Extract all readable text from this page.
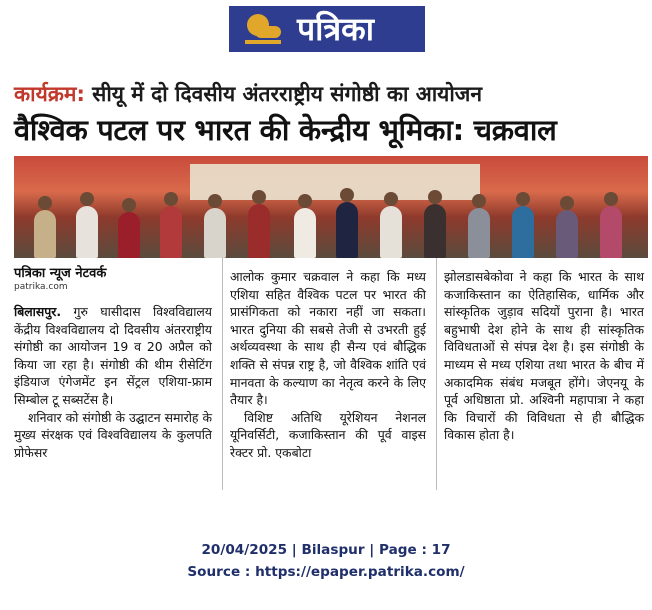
पत्रिका
कार्यक्रम: सीयू में दो दिवसीय अंतरराष्ट्रीय संगोष्ठी का आयोजन
वैश्विक पटल पर भारत की केन्द्रीय भूमिका: चक्रवाल
पत्रिका न्यूज नेटवर्क
patrika.com

बिलासपुर. गुरु घासीदास विश्वविद्यालय केंद्रीय विश्वविद्यालय दो दिवसीय अंतरराष्ट्रीय संगोष्ठी का आयोजन 19 व 20 अप्रैल को किया जा रहा है। संगोष्ठी की थीम रीसेटिंग इंडियाज एंगेजमेंट इन सेंट्रल एशिया-फ्राम सिम्बोल टू सब्सटेंस है।

शनिवार को संगोष्ठी के उद्घाटन समारोह के मुख्य संरक्षक एवं विश्वविद्यालय के कुलपति प्रोफेसर

आलोक कुमार चक्रवाल ने कहा कि मध्य एशिया सहित वैश्विक पटल पर भारत की प्रासंगिकता को नकारा नहीं जा सकता। भारत दुनिया की सबसे तेजी से उभरती हुई अर्थव्यवस्था के साथ ही सैन्य एवं बौद्धिक शक्ति से संपन्न राष्ट्र है, जो वैश्विक शांति एवं मानवता के कल्याण का नेतृत्व करने के लिए तैयार है।

विशिष्ट अतिथि यूरेशियन नेशनल यूनिवर्सिटी, कजाकिस्तान की पूर्व वाइस रेक्टर प्रो. एकबोटा

झोलडासबेकोवा ने कहा कि भारत के साथ कजाकिस्तान का ऐतिहासिक, धार्मिक और सांस्कृतिक जुड़ाव सदियों पुराना है। भारत बहुभाषी देश होने के साथ ही सांस्कृतिक विविधताओं से संपन्न देश है। इस संगोष्ठी के माध्यम से मध्य एशिया तथा भारत के बीच में अकादमिक संबंध मजबूत होंगे। जेएनयू के पूर्व अधिष्ठाता प्रो. अश्विनी महापात्रा ने कहा कि विचारों की विविधता से ही बौद्धिक विकास होता है।

20/04/2025 | Bilaspur | Page : 17
Source : https://epaper.patrika.com/
